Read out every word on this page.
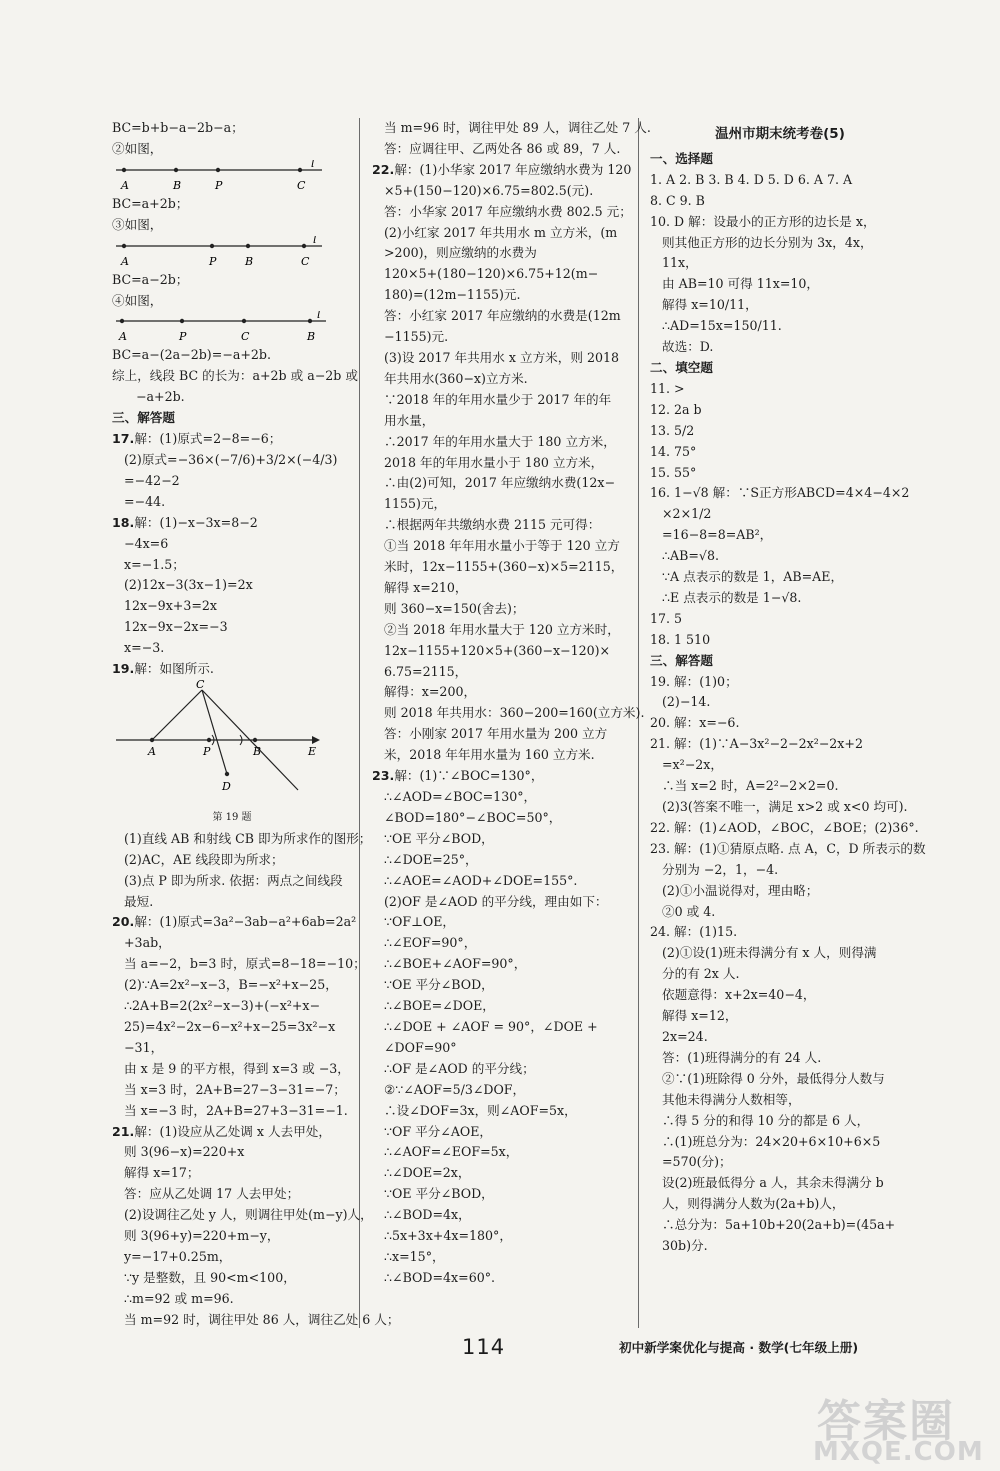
BC=b+b−a−2b−a；
②如图，
A	B	P	C
l
BC=a+2b；
③如图，
A	P	B	C
l
BC=a−2b；
④如图，
A	P	C	B
l
BC=a−(2a−2b)=−a+2b.
综上，线段 BC 的长为：a+2b 或 a−2b 或
−a+2b.
三、解答题
17.解：(1)原式=2−8=−6；
(2)原式=−36×(−7/6)+3/2×(−4/3)
=−42−2
=−44.
18.解：(1)−x−3x=8−2
−4x=6
x=−1.5；
(2)12x−3(3x−1)=2x
12x−9x+3=2x
12x−9x−2x=−3
x=−3.
19.解：如图所示.
C
A	P	B	E
D
第 19 题
(1)直线 AB 和射线 CB 即为所求作的图形；
(2)AC，AE 线段即为所求；
(3)点 P 即为所求. 依据：两点之间线段
最短.
20.解：(1)原式=3a²−3ab−a²+6ab=2a²
+3ab，
当 a=−2，b=3 时，原式=8−18=−10；
(2)∵A=2x²−x−3，B=−x²+x−25，
∴2A+B=2(2x²−x−3)+(−x²+x−
25)=4x²−2x−6−x²+x−25=3x²−x
−31，
由 x 是 9 的平方根，得到 x=3 或 −3，
当 x=3 时，2A+B=27−3−31=−7；
当 x=−3 时，2A+B=27+3−31=−1.
21.解：(1)设应从乙处调 x 人去甲处，
则 3(96−x)=220+x
解得 x=17；
答：应从乙处调 17 人去甲处；
(2)设调往乙处 y 人，则调往甲处(m−y)人，
则 3(96+y)=220+m−y，
y=−17+0.25m，
∵y 是整数，且 90<m<100，
∴m=92 或 m=96.
当 m=92 时，调往甲处 86 人，调往乙处 6 人；
当 m=96 时，调往甲处 89 人，调往乙处 7 人.
答：应调往甲、乙两处各 86 或 89，7 人.
22.解：(1)小华家 2017 年应缴纳水费为 120
×5+(150−120)×6.75=802.5(元).
答：小华家 2017 年应缴纳水费 802.5 元；
(2)小红家 2017 年共用水 m 立方米，(m
>200)，则应缴纳的水费为
120×5+(180−120)×6.75+12(m−
180)=(12m−1155)元.
答：小红家 2017 年应缴纳的水费是(12m
−1155)元.
(3)设 2017 年共用水 x 立方米，则 2018
年共用水(360−x)立方米.
∵2018 年的年用水量少于 2017 年的年
用水量，
∴2017 年的年用水量大于 180 立方米，
2018 年的年用水量小于 180 立方米，
∴由(2)可知，2017 年应缴纳水费(12x−
1155)元，
∴根据两年共缴纳水费 2115 元可得：
①当 2018 年年用水量小于等于 120 立方
米时，12x−1155+(360−x)×5=2115，
解得 x=210，
则 360−x=150(舍去)；
②当 2018 年用水量大于 120 立方米时，
12x−1155+120×5+(360−x−120)×
6.75=2115，
解得：x=200，
则 2018 年共用水：360−200=160(立方米).
答：小刚家 2017 年用水量为 200 立方
米，2018 年年用水量为 160 立方米.
23.解：(1)∵∠BOC=130°，
∴∠AOD=∠BOC=130°，
∠BOD=180°−∠BOC=50°，
∵OE 平分∠BOD，
∴∠DOE=25°，
∴∠AOE=∠AOD+∠DOE=155°.
(2)OF 是∠AOD 的平分线，理由如下：
∵OF⊥OE，
∴∠EOF=90°，
∴∠BOE+∠AOF=90°，
∵OE 平分∠BOD，
∴∠BOE=∠DOE，
∴∠DOE + ∠AOF = 90°，∠DOE +
∠DOF=90°
∴OF 是∠AOD 的平分线；
②∵∠AOF=5/3∠DOF，
∴设∠DOF=3x，则∠AOF=5x，
∵OF 平分∠AOE，
∴∠AOF=∠EOF=5x，
∴∠DOE=2x，
∵OE 平分∠BOD，
∴∠BOD=4x，
∴5x+3x+4x=180°，
∴x=15°，
∴∠BOD=4x=60°.
温州市期末统考卷(5)
一、选择题
1. A 2. B 3. B 4. D 5. D 6. A 7. A
8. C 9. B
10. D 解：设最小的正方形的边长是 x，
则其他正方形的边长分别为 3x，4x，
11x，
由 AB=10 可得 11x=10，
解得 x=10/11，
∴AD=15x=150/11.
故选：D.
二、填空题
11. >
12. 2a b
13. 5/2
14. 75°
15. 55°
16. 1−√8 解：∵S正方形ABCD=4×4−4×2
×2×1/2
=16−8=8=AB²，
∴AB=√8.
∵A 点表示的数是 1，AB=AE，
∴E 点表示的数是 1−√8.
17. 5
18. 1 510
三、解答题
19. 解：(1)0；
(2)−14.
20. 解：x=−6.
21. 解：(1)∵A−3x²−2−2x²−2x+2
=x²−2x，
∴当 x=2 时，A=2²−2×2=0.
(2)3(答案不唯一，满足 x>2 或 x<0 均可).
22. 解：(1)∠AOD，∠BOC，∠BOE；(2)36°.
23. 解：(1)①猜原点略. 点 A，C，D 所表示的数
分别为 −2，1，−4.
(2)①小温说得对，理由略；
②0 或 4.
24. 解：(1)15.
(2)①设(1)班未得满分有 x 人，则得满
分的有 2x 人.
依题意得：x+2x=40−4，
解得 x=12，
2x=24.
答：(1)班得满分的有 24 人.
②∵(1)班除得 0 分外，最低得分人数与
其他未得满分人数相等，
∴得 5 分的和得 10 分的都是 6 人，
∴(1)班总分为：24×20+6×10+6×5
=570(分)；
设(2)班最低得分 a 人，其余未得满分 b
人，则得满分人数为(2a+b)人，
∴总分为：5a+10b+20(2a+b)=(45a+
30b)分.
114	初中新学案优化与提高 · 数学(七年级上册)
答案圈
MXQE.COM
